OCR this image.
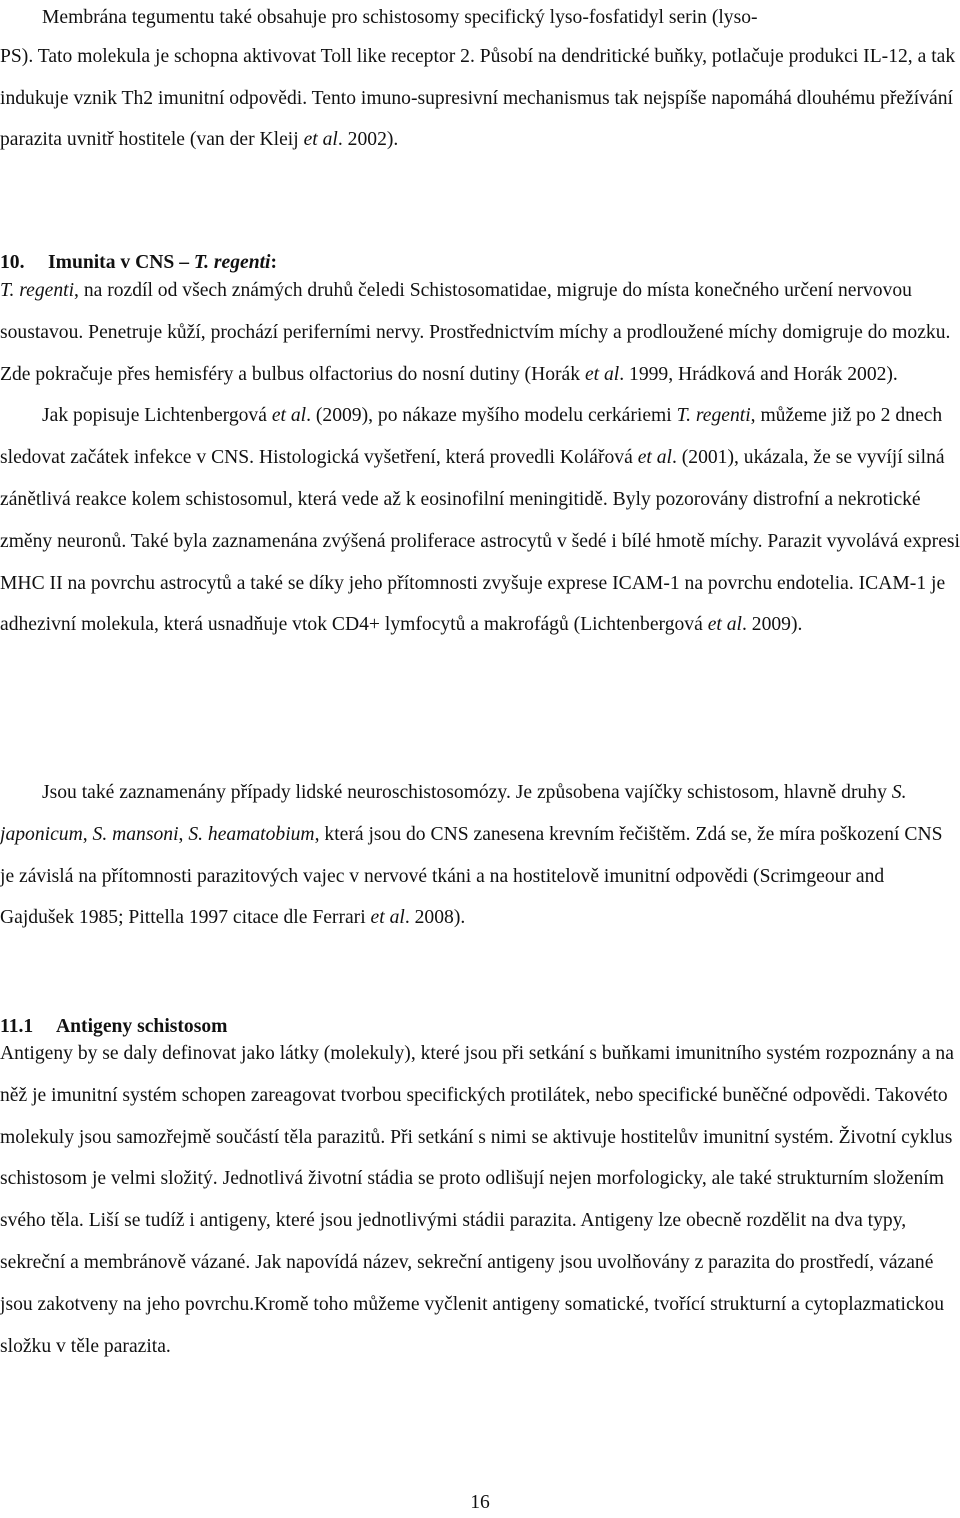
Membrána tegumentu také obsahuje pro schistosomy specifický lyso-fosfatidyl serin (lyso-
PS). Tato molekula je schopna aktivovat Toll like receptor 2. Působí na dendritické buňky, potlačuje produkci IL-12, a tak indukuje vznik Th2 imunitní odpovědi. Tento imuno-supresivní mechanismus tak nejspíše napomáhá dlouhému přežívání parazita uvnitř hostitele (van der Kleij et al. 2002).

10. Imunita v CNS – T. regenti:

T. regenti, na rozdíl od všech známých druhů čeledi Schistosomatidae, migruje do místa konečného určení nervovou soustavou. Penetruje kůží, prochází periferními nervy. Prostřednictvím míchy a prodloužené míchy domigruje do mozku. Zde pokračuje přes hemisféry a bulbus olfactorius do nosní dutiny (Horák et al. 1999, Hrádková and Horák 2002).
Jak popisuje Lichtenbergová et al. (2009), po nákaze myšího modelu cerkáriemi T. regenti, můžeme již po 2 dnech sledovat začátek infekce v CNS. Histologická vyšetření, která provedli Kolářová et al. (2001), ukázala, že se vyvíjí silná zánětlivá reakce kolem schistosomul, která vede až k eosinofilní meningitidě. Byly pozorovány distrofní a nekrotické změny neuronů. Také byla zaznamenána zvýšená proliferace astrocytů v šedé i bílé hmotě míchy. Parazit vyvolává expresi MHC II na povrchu astrocytů a také se díky jeho přítomnosti zvyšuje exprese ICAM-1 na povrchu endotelia. ICAM-1 je adhezivní molekula, která usnadňuje vtok CD4+ lymfocytů a makrofágů (Lichtenbergová et al. 2009).

Jsou také zaznamenány případy lidské neuroschistosomózy. Je způsobena vajíčky schistosom, hlavně druhy S. japonicum, S. mansoni, S. heamatobium, která jsou do CNS zanesena krevním řečištěm. Zdá se, že míra poškození CNS je závislá na přítomnosti parazitových vajec v nervové tkáni a na hostitelově imunitní odpovědi (Scrimgeour and Gajdušek 1985; Pittella 1997 citace dle Ferrari et al. 2008).

11.1 Antigeny schistosom

Antigeny by se daly definovat jako látky (molekuly), které jsou při setkání s buňkami imunitního systém rozpoznány a na něž je imunitní systém schopen zareagovat tvorbou specifických protilátek, nebo specifické buněčné odpovědi. Takovéto molekuly jsou samozřejmě součástí těla parazitů. Při setkání s nimi se aktivuje hostitelův imunitní systém. Životní cyklus schistosom je velmi složitý. Jednotlivá životní stádia se proto odlišují nejen morfologicky, ale také strukturním složením svého těla. Liší se tudíž i antigeny, které jsou jednotlivými stádii parazita. Antigeny lze obecně rozdělit na dva typy, sekreční a membránově vázané. Jak napovídá název, sekreční antigeny jsou uvolňovány z parazita do prostředí, vázané jsou zakotveny na jeho povrchu.Kromě toho můžeme vyčlenit antigeny somatické, tvořící strukturní a cytoplazmatickou složku v těle parazita.

16
